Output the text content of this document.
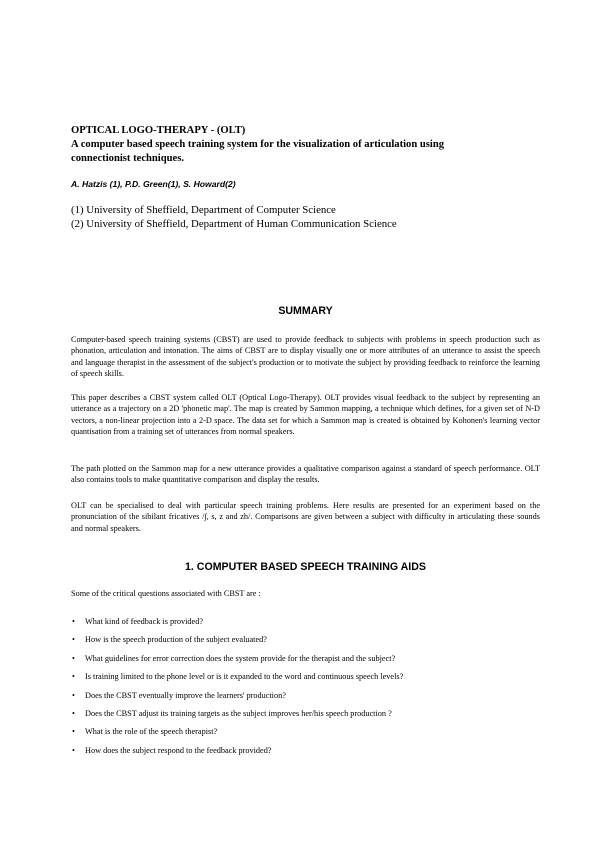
OPTICAL LOGO-THERAPY - (OLT)
A computer based speech training system for the visualization of articulation using
connectionist techniques.
A. Hatzis (1), P.D. Green(1), S. Howard(2)
(1) University of Sheffield, Department of Computer Science
(2) University of Sheffield, Department of Human Communication Science
SUMMARY

Computer-based speech training systems (CBST) are used to provide feedback to subjects with problems in speech production such as phonation, articulation and intonation. The aims of CBST are to display visually one or more attributes of an utterance to assist the speech and language therapist in the assessment of the subject's production or to motivate the subject by providing feedback to reinforce the learning of speech skills.

This paper describes a CBST system called OLT (Optical Logo-Therapy). OLT provides visual feedback to the subject by representing an utterance as a trajectory on a 2D 'phonetic map'. The map is created by Sammon mapping, a technique which defines, for a given set of N-D vectors, a non-linear projection into a 2-D space. The data set for which a Sammon map is created is obtained by Kohonen's learning vector quantisation from a training set of utterances from normal speakers.

The path plotted on the Sammon map for a new utterance provides a qualitative comparison against a standard of speech performance. OLT also contains tools to make quantitative comparison and display the results.

OLT can be specialised to deal with particular speech training problems. Here results are presented for an experiment based on the pronunciation of the sibilant fricatives /∫, s, z and zh/. Comparisons are given between a subject with difficulty in articulating these sounds and normal speakers.

1. COMPUTER BASED SPEECH TRAINING AIDS

Some of the critical questions associated with CBST are :

• What kind of feedback is provided?
• How is the speech production of the subject evaluated?
• What guidelines for error correction does the system provide for the therapist and the subject?
• Is training limited to the phone level or is it expanded to the word and continuous speech levels?
• Does the CBST eventually improve the learners' production?
• Does the CBST adjust its training targets as the subject improves her/his speech production ?
• What is the role of the speech therapist?
• How does the subject respond to the feedback provided?
